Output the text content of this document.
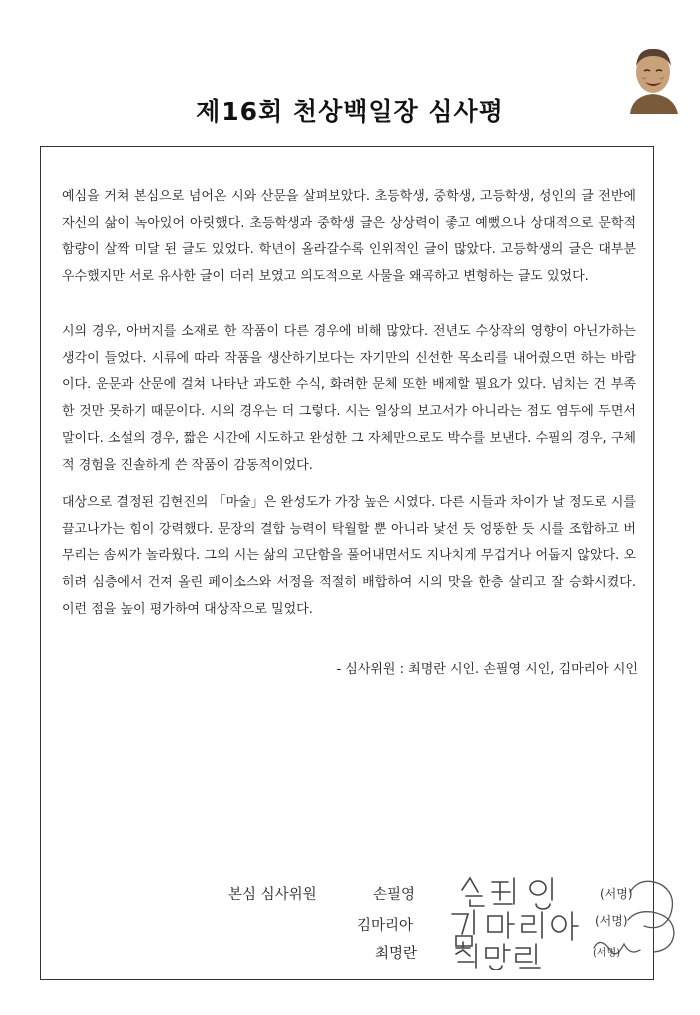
제16회 천상백일장 심사평

예심을 거쳐 본심으로 넘어온 시와 산문을 살펴보았다. 초등학생, 중학생, 고등학생, 성인의 글 전반에 자신의 삶이 녹아있어 아릿했다. 초등학생과 중학생 글은 상상력이 좋고 예뻤으나 상대적으로 문학적 함량이 살짝 미달 된 글도 있었다. 학년이 올라갈수록 인위적인 글이 많았다. 고등학생의 글은 대부분 우수했지만 서로 유사한 글이 더러 보였고 의도적으로 사물을 왜곡하고 변형하는 글도 있었다.

시의 경우, 아버지를 소재로 한 작품이 다른 경우에 비해 많았다. 전년도 수상작의 영향이 아닌가하는 생각이 들었다. 시류에 따라 작품을 생산하기보다는 자기만의 신선한 목소리를 내어줬으면 하는 바람이다. 운문과 산문에 걸쳐 나타난 과도한 수식, 화려한 문체 또한 배제할 필요가 있다. 넘치는 건 부족한 것만 못하기 때문이다. 시의 경우는 더 그렇다. 시는 일상의 보고서가 아니라는 점도 염두에 두면서 말이다. 소설의 경우, 짧은 시간에 시도하고 완성한 그 자체만으로도 박수를 보낸다. 수필의 경우, 구체적 경험을 진솔하게 쓴 작품이 감동적이었다.

대상으로 결정된 김현진의 「마술」은 완성도가 가장 높은 시였다. 다른 시들과 차이가 날 정도로 시를 끌고나가는 힘이 강력했다. 문장의 결합 능력이 탁월할 뿐 아니라 낯선 듯 엉뚱한 듯 시를 조합하고 버무리는 솜씨가 놀라웠다. 그의 시는 삶의 고단함을 풀어내면서도 지나치게 무겁거나 어둡지 않았다. 오히려 심층에서 건져 올린 페이소스와 서정을 적절히 배합하여 시의 맛을 한층 살리고 잘 승화시켰다. 이런 점을 높이 평가하여 대상작으로 밀었다.

- 심사위원 : 최명란 시인. 손필영 시인, 김마리아 시인
본심 심사위원	손필영
김마리아
최명란
(서명)
(서명)
(서명)
